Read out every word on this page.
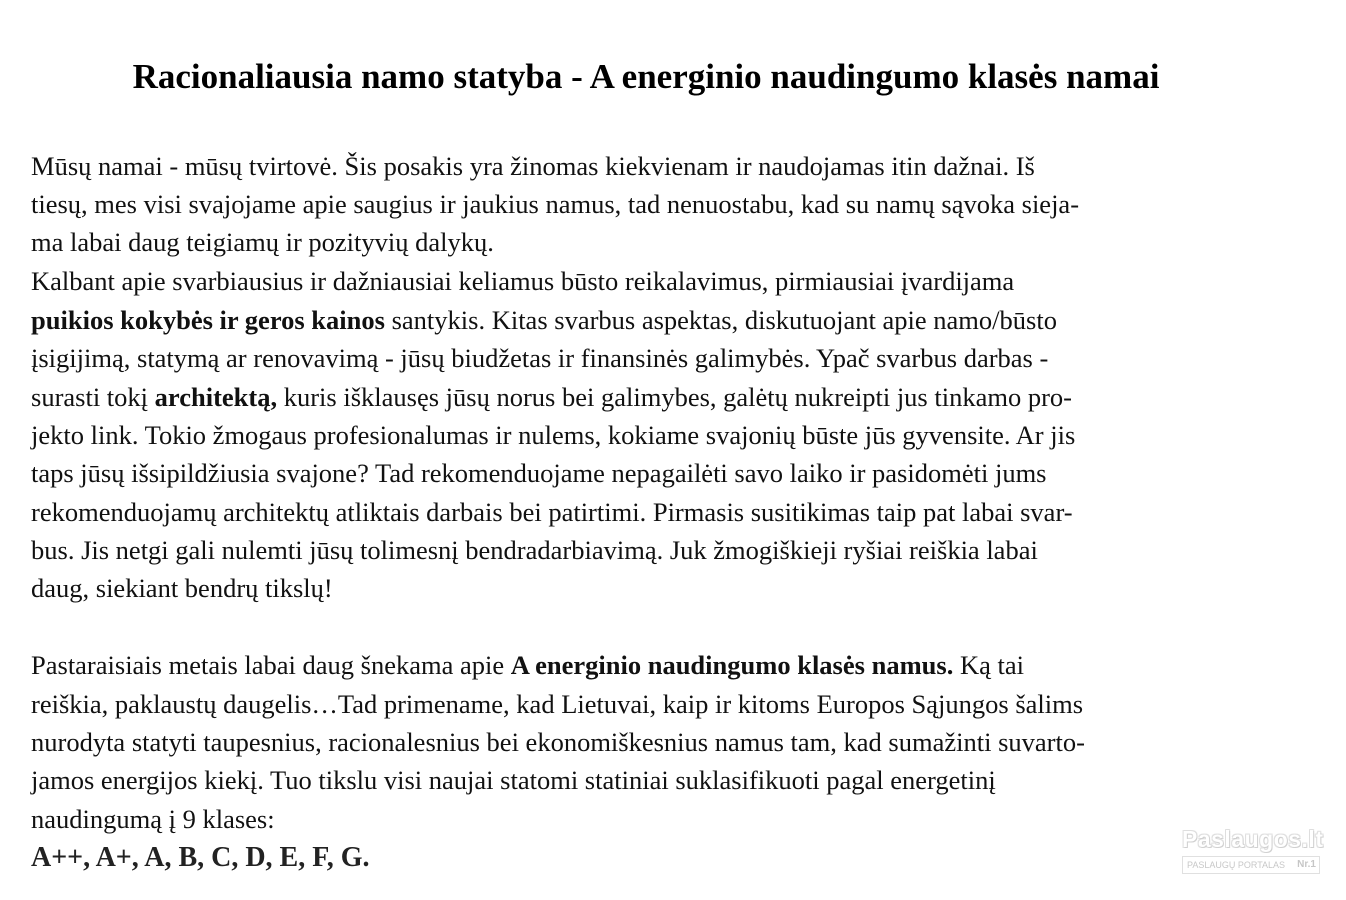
Racionaliausia namo statyba - A energinio naudingumo klasės namai
Mūsų namai - mūsų tvirtovė. Šis posakis yra žinomas kiekvienam ir naudojamas itin dažnai. Iš
tiesų, mes visi svajojame apie saugius ir jaukius namus, tad nenuostabu, kad su namų sąvoka sieja-
ma labai daug teigiamų ir pozityvių dalykų.
Kalbant apie svarbiausius ir dažniausiai keliamus būsto reikalavimus, pirmiausiai įvardijama
puikios kokybės ir geros kainos santykis. Kitas svarbus aspektas, diskutuojant apie namo/būsto
įsigijimą, statymą ar renovavimą - jūsų biudžetas ir finansinės galimybės. Ypač svarbus darbas -
surasti tokį architektą, kuris išklausęs jūsų norus bei galimybes, galėtų nukreipti jus tinkamo pro-
jekto link. Tokio žmogaus profesionalumas ir nulems, kokiame svajonių būste jūs gyvensite. Ar jis
taps jūsų išsipildžiusia svajone? Tad rekomenduojame nepagailėti savo laiko ir pasidomėti jums
rekomenduojamų architektų atliktais darbais bei patirtimi. Pirmasis susitikimas taip pat labai svar-
bus. Jis netgi gali nulemti jūsų tolimesnį bendradarbiavimą. Juk žmogiškieji ryšiai reiškia labai
daug, siekiant bendrų tikslų!
Pastaraisiais metais labai daug šnekama apie A energinio naudingumo klasės namus. Ką tai
reiškia, paklaustų daugelis…Tad primename, kad Lietuvai, kaip ir kitoms Europos Sąjungos šalims
nurodyta statyti taupesnius, racionalesnius bei ekonomiškesnius namus tam, kad sumažinti suvarto-
jamos energijos kiekį. Tuo tikslu visi naujai statomi statiniai suklasifikuoti pagal energetinį
naudingumą į 9 klases:
A++, A+, A, B, C, D, E, F, G.
Paslaugos.lt
PASLAUGŲ PORTALAS Nr.1
